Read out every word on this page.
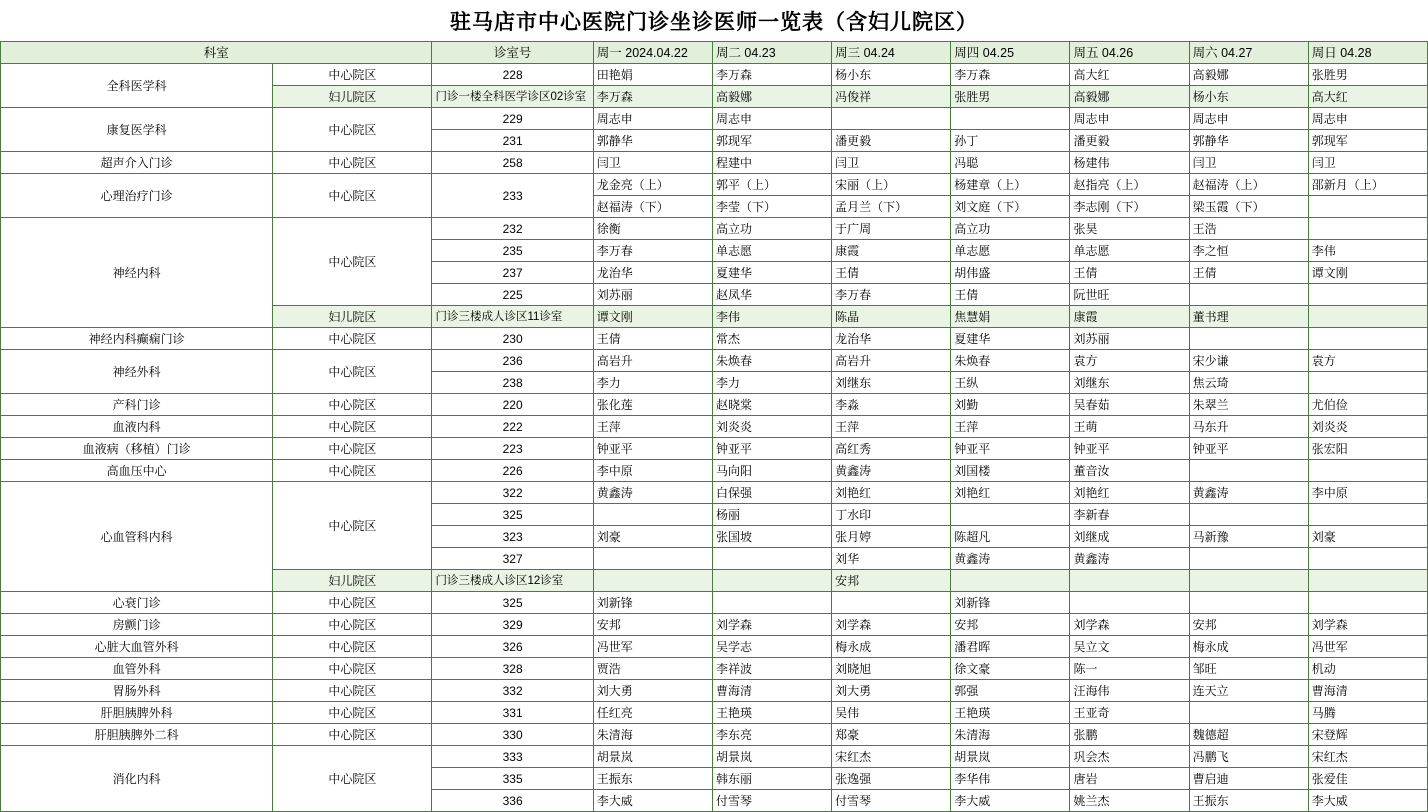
驻马店市中心医院门诊坐诊医师一览表（含妇儿院区）
科室		诊室号	周一 2024.04.22	周二 04.23	周三 04.24	周四 04.25	周五 04.26	周六 04.27	周日 04.28
全科医学科	中心院区	228	田艳娟	李万森	杨小东	李万森	高大红	高毅娜	张胜男
	妇儿院区	门诊一楼全科医学诊区02诊室	李万森	高毅娜	冯俊祥	张胜男	高毅娜	杨小东	高大红
康复医学科	中心院区	229	周志申	周志申			周志申	周志申	周志申
		231	郭静华	郭现军	潘更毅	孙丁	潘更毅	郭静华	郭现军
超声介入门诊	中心院区	258	闫卫	程建中	闫卫	冯聪	杨建伟	闫卫	闫卫
心理治疗门诊	中心院区	233	龙金亮（上）	郭平（上）	宋丽（上）	杨建章（上）	赵指亮（上）	赵福涛（上）	邵新月（上）
			赵福涛（下）	李莹（下）	孟月兰（下）	刘文庭（下）	李志刚（下）	梁玉霞（下）	
神经内科	中心院区	232	徐衡	高立功	于广周	高立功	张昊	王浩	
		235	李万春	单志愿	康霞	单志愿	单志愿	李之恒	李伟
		237	龙治华	夏建华	王倩	胡伟盛	王倩	王倩	谭文刚
		225	刘苏丽	赵凤华	李万春	王倩	阮世旺		
	妇儿院区	门诊三楼成人诊区11诊室	谭文刚	李伟	陈晶	焦慧娟	康霞	董书理	
神经内科癫痫门诊	中心院区	230	王倩	常杰	龙治华	夏建华	刘苏丽		
神经外科	中心院区	236	高岩升	朱焕春	高岩升	朱焕春	袁方	宋少谦	袁方
		238	李力	李力	刘继东	王纵	刘继东	焦云琦	
产科门诊	中心院区	220	张化莲	赵晓棠	李淼	刘勤	吴春茹	朱翠兰	尤伯俭
血液内科	中心院区	222	王萍	刘炎炎	王萍	王萍	王萌	马东升	刘炎炎
血液病（移植）门诊	中心院区	223	钟亚平	钟亚平	高红秀	钟亚平	钟亚平	钟亚平	张宏阳
高血压中心	中心院区	226	李中原	马向阳	黄鑫涛	刘国楼	董音汝		
心血管科内科	中心院区	322	黄鑫涛	白保强	刘艳红	刘艳红	刘艳红	黄鑫涛	李中原
		325		杨丽	丁水印		李新春		
		323	刘豪	张国坡	张月婷	陈超凡	刘继成	马新豫	刘豪
		327			刘华	黄鑫涛	黄鑫涛		
	妇儿院区	门诊三楼成人诊区12诊室			安邦				
心衰门诊	中心院区	325	刘新锋			刘新锋			
房颤门诊	中心院区	329	安邦	刘学森	刘学森	安邦	刘学森	安邦	刘学森
心脏大血管外科	中心院区	326	冯世军	吴学志	梅永成	潘君晖	吴立文	梅永成	冯世军
血管外科	中心院区	328	贾浩	李祥波	刘晓旭	徐文豪	陈一	邹旺	机动
胃肠外科	中心院区	332	刘大勇	曹海清	刘大勇	郭强	汪海伟	连天立	曹海清
肝胆胰脾外科	中心院区	331	任红亮	王艳瑛	吴伟	王艳瑛	王亚奇		马腾
肝胆胰脾外二科	中心院区	330	朱清海	李东亮	郑豪	朱清海	张鹏	魏德超	宋登辉
消化内科	中心院区	333	胡景岚	胡景岚	宋红杰	胡景岚	巩会杰	冯鹏飞	宋红杰
		335	王振东	韩东丽	张逸强	李华伟	唐岩	曹启迪	张爱佳
		336	李大威	付雪琴	付雪琴	李大威	姚兰杰	王振东	李大威
